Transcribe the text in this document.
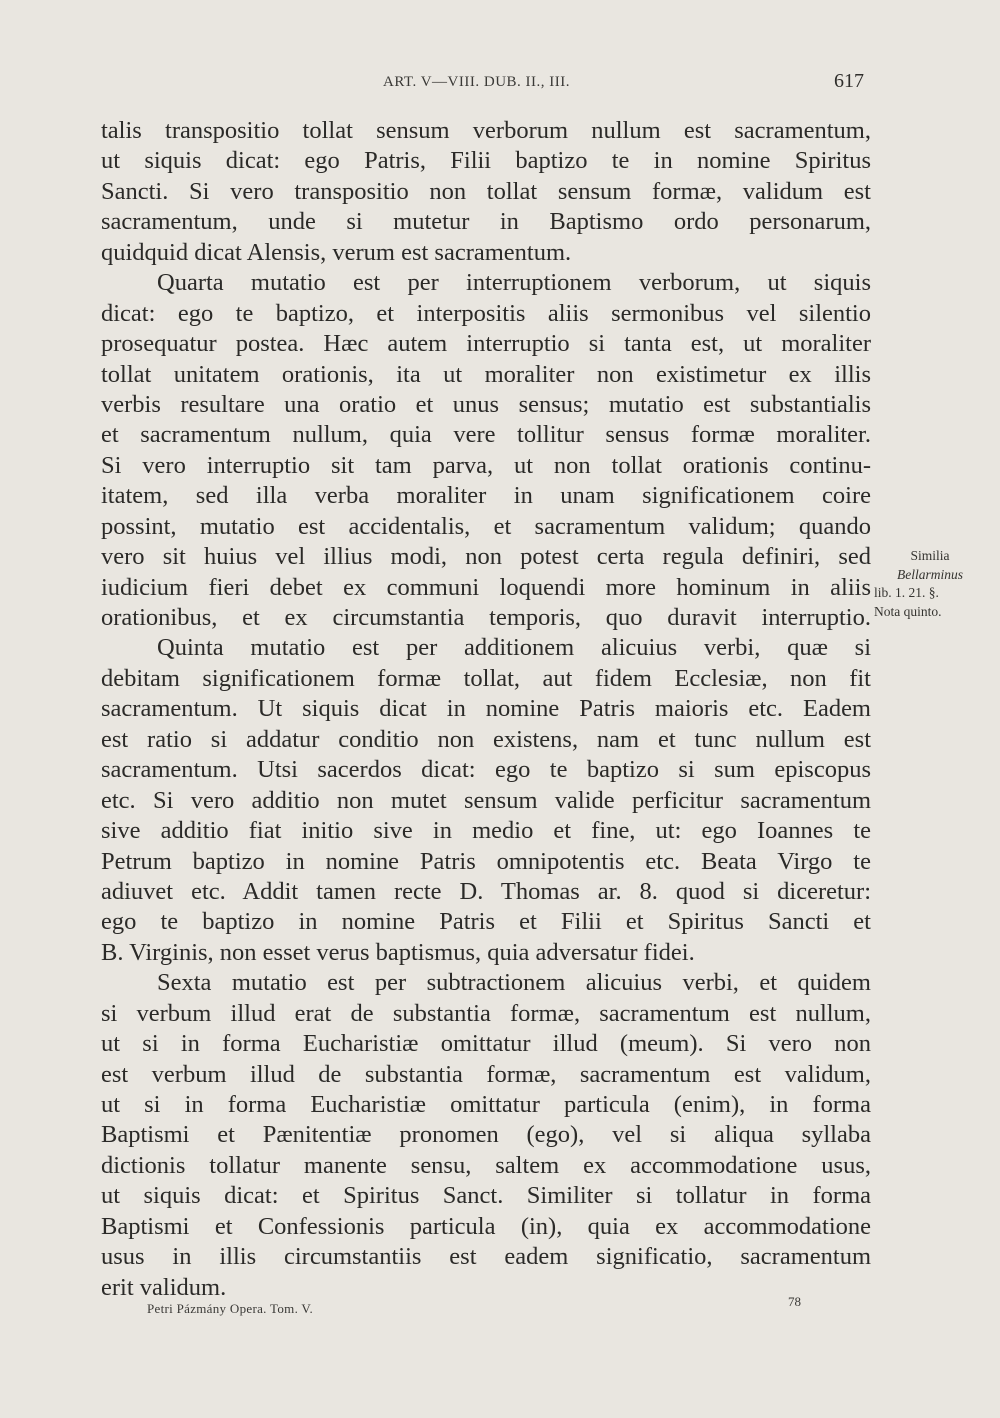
ART. V—VIII. DUB. II., III.	617
talis transpositio tollat sensum verborum nullum est sacramentum,
ut siquis dicat: ego Patris, Filii baptizo te in nomine Spiritus
Sancti. Si vero transpositio non tollat sensum formæ, validum est
sacramentum, unde si mutetur in Baptismo ordo personarum,
quidquid dicat Alensis, verum est sacramentum.
Quarta mutatio est per interruptionem verborum, ut siquis
dicat: ego te baptizo, et interpositis aliis sermonibus vel silentio
prosequatur postea. Hæc autem interruptio si tanta est, ut moraliter
tollat unitatem orationis, ita ut moraliter non existimetur ex illis
verbis resultare una oratio et unus sensus; mutatio est substantialis
et sacramentum nullum, quia vere tollitur sensus formæ moraliter.
Si vero interruptio sit tam parva, ut non tollat orationis continu-
itatem, sed illa verba moraliter in unam significationem coire
possint, mutatio est accidentalis, et sacramentum validum; quando
vero sit huius vel illius modi, non potest certa regula definiri, sed
iudicium fieri debet ex communi loquendi more hominum in aliis
orationibus, et ex circumstantia temporis, quo duravit interruptio.
Quinta mutatio est per additionem alicuius verbi, quæ si
debitam significationem formæ tollat, aut fidem Ecclesiæ, non fit
sacramentum. Ut siquis dicat in nomine Patris maioris etc. Eadem
est ratio si addatur conditio non existens, nam et tunc nullum est
sacramentum. Utsi sacerdos dicat: ego te baptizo si sum episcopus
etc. Si vero additio non mutet sensum valide perficitur sacramentum
sive additio fiat initio sive in medio et fine, ut: ego Ioannes te
Petrum baptizo in nomine Patris omnipotentis etc. Beata Virgo te
adiuvet etc. Addit tamen recte D. Thomas ar. 8. quod si diceretur:
ego te baptizo in nomine Patris et Filii et Spiritus Sancti et
B. Virginis, non esset verus baptismus, quia adversatur fidei.
Sexta mutatio est per subtractionem alicuius verbi, et quidem
si verbum illud erat de substantia formæ, sacramentum est nullum,
ut si in forma Eucharistiæ omittatur illud (meum). Si vero non
est verbum illud de substantia formæ, sacramentum est validum,
ut si in forma Eucharistiæ omittatur particula (enim), in forma
Baptismi et Pænitentiæ pronomen (ego), vel si aliqua syllaba
dictionis tollatur manente sensu, saltem ex accommodatione usus,
ut siquis dicat: et Spiritus Sanct. Similiter si tollatur in forma
Baptismi et Confessionis particula (in), quia ex accommodatione
usus in illis circumstantiis est eadem significatio, sacramentum
erit validum.
Similia
Bellarminus
lib. 1. 21. §.
Nota quinto.
Petri Pázmány Opera. Tom. V.	78
